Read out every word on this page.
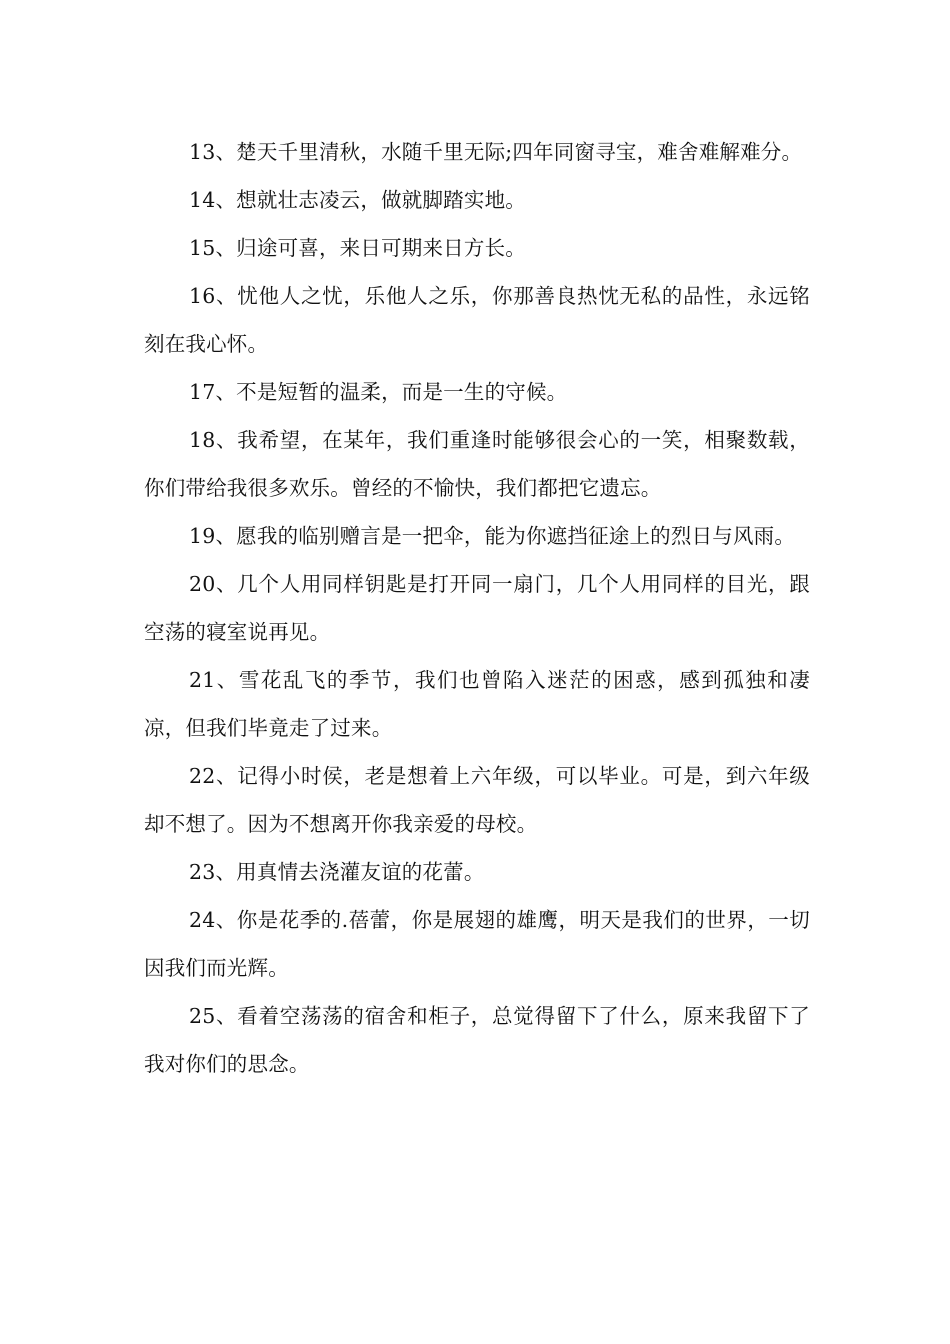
13、楚天千里清秋，水随千里无际;四年同窗寻宝，难舍难解难分。

14、想就壮志凌云，做就脚踏实地。

15、归途可喜，来日可期来日方长。

16、忧他人之忧，乐他人之乐，你那善良热忱无私的品性，永远铭刻在我心怀。

17、不是短暂的温柔，而是一生的守候。

18、我希望，在某年，我们重逢时能够很会心的一笑，相聚数载，你们带给我很多欢乐。曾经的不愉快，我们都把它遗忘。

19、愿我的临别赠言是一把伞，能为你遮挡征途上的烈日与风雨。

20、几个人用同样钥匙是打开同一扇门，几个人用同样的目光，跟空荡的寝室说再见。

21、雪花乱飞的季节，我们也曾陷入迷茫的困惑，感到孤独和凄凉，但我们毕竟走了过来。

22、记得小时侯，老是想着上六年级，可以毕业。可是，到六年级却不想了。因为不想离开你我亲爱的母校。

23、用真情去浇灌友谊的花蕾。

24、你是花季的.蓓蕾，你是展翅的雄鹰，明天是我们的世界，一切因我们而光辉。

25、看着空荡荡的宿舍和柜子，总觉得留下了什么，原来我留下了我对你们的思念。
